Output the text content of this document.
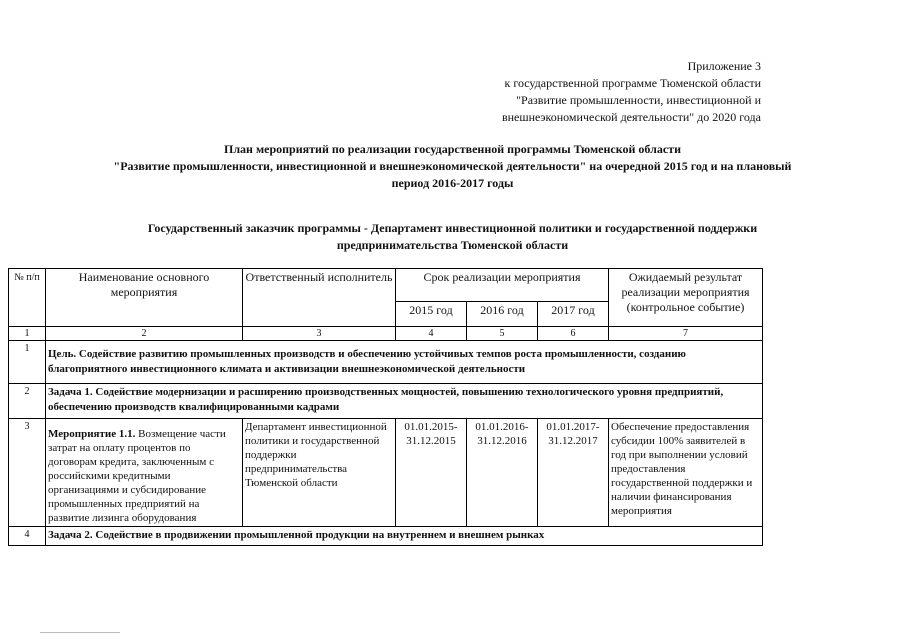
Приложение 3
к государственной программе Тюменской области
"Развитие промышленности, инвестиционной и
внешнеэкономической деятельности" до 2020 года
План мероприятий по реализации государственной программы Тюменской области
"Развитие промышленности, инвестиционной и внешнеэкономической деятельности" на очередной 2015 год и на плановый
период 2016-2017 годы
Государственный заказчик программы - Департамент инвестиционной политики и государственной поддержки
предпринимательства Тюменской области
№ п/п	Наименование основного мероприятия	Ответственный исполнитель	Срок реализации мероприятия			Ожидаемый результат реализации мероприятия (контрольное событие)
			2015 год	2016 год	2017 год	
1	2	3	4	5	6	7
1	Цель. Содействие развитию промышленных производств и обеспечению устойчивых темпов роста промышленности, созданию благоприятного инвестиционного климата и активизации внешнеэкономической деятельности					
2	Задача 1. Содействие модернизации и расширению производственных мощностей, повышению технологического уровня предприятий, обеспечению производств квалифицированными кадрами					
3	Мероприятие 1.1. Возмещение части затрат на оплату процентов по договорам кредита, заключенным с российскими кредитными организациями и субсидирование промышленных предприятий на развитие лизинга оборудования	Департамент инвестиционной политики и государственной поддержки предпринимательства Тюменской области	01.01.2015-31.12.2015	01.01.2016-31.12.2016	01.01.2017-31.12.2017	Обеспечение предоставления субсидии 100% заявителей в год при выполнении условий предоставления государственной поддержки и наличии финансирования мероприятия
4	Задача 2. Содействие в продвижении промышленной продукции на внутреннем и внешнем рынках					
